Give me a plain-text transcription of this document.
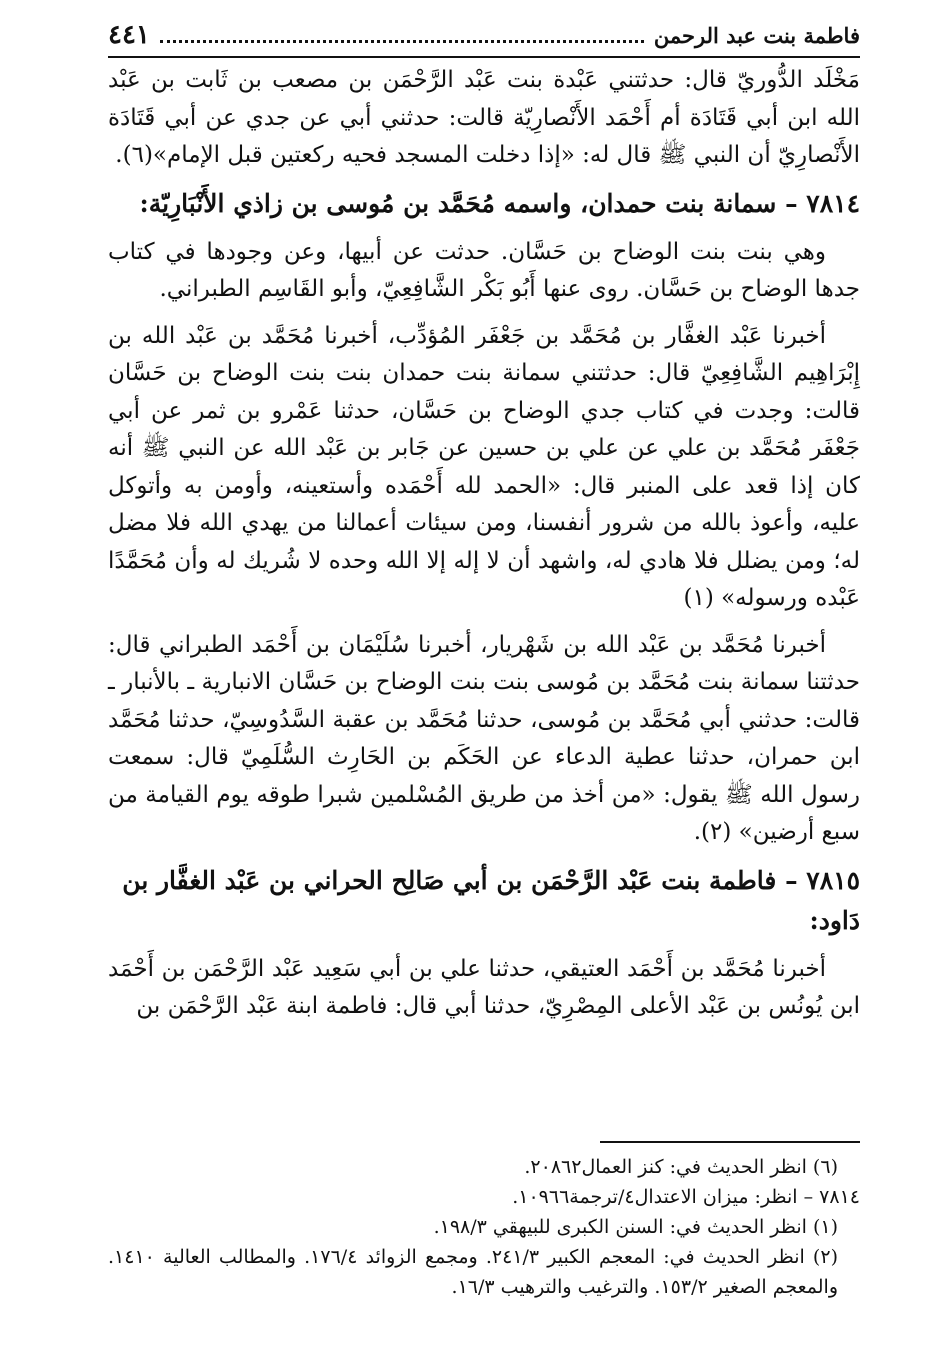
فاطمة بنت عبد الرحمن
٤٤١

مَخْلَد الدُّوريّ قال: حدثتني عَبْدة بنت عَبْد الرَّحْمَن بن مصعب بن ثَابت بن عَبْد الله ابن أبي قَتَادَة أم أَحْمَد الأَنْصارِيّة قالت: حدثني أبي عن جدي عن أبي قَتَادَة الأَنْصارِيّ أن النبي ﷺ قال له: «إذا دخلت المسجد فحيه ركعتين قبل الإمام»(٦).

٧٨١٤ – سمانة بنت حمدان، واسمه مُحَمَّد بن مُوسى بن زاذي الأَنْبَارِيّة:

وهي بنت بنت الوضاح بن حَسَّان. حدثت عن أبيها، وعن وجودها في كتاب جدها الوضاح بن حَسَّان. روى عنها أَبُو بَكْر الشَّافِعِيّ، وأبو القَاسِم الطبراني.

أخبرنا عَبْد الغفَّار بن مُحَمَّد بن جَعْفَر المُؤدِّب، أخبرنا مُحَمَّد بن عَبْد الله بن إِبْرَاهِيم الشَّافِعِيّ قال: حدثتني سمانة بنت حمدان بنت بنت الوضاح بن حَسَّان قالت: وجدت في كتاب جدي الوضاح بن حَسَّان، حدثنا عَمْرو بن ثمر عن أبي جَعْفَر مُحَمَّد بن علي عن علي بن حسين عن جَابر بن عَبْد الله عن النبي ﷺ أنه كان إذا قعد على المنبر قال: «الحمد لله أَحْمَده وأستعينه، وأومن به وأتوكل عليه، وأعوذ بالله من شرور أنفسنا، ومن سيئات أعمالنا من يهدي الله فلا مضل له؛ ومن يضلل فلا هادي له، واشهد أن لا إله إلا الله وحده لا شُريك له وأن مُحَمَّدًا عَبْده ورسوله» (١)

أخبرنا مُحَمَّد بن عَبْد الله بن شَهْريار، أخبرنا سُلَيْمَان بن أَحْمَد الطبراني قال: حدثتنا سمانة بنت مُحَمَّد بن مُوسى بنت بنت الوضاح بن حَسَّان الانبارية ـ بالأنبار ـ قالت: حدثني أبي مُحَمَّد بن مُوسى، حدثنا مُحَمَّد بن عقبة السَّدُوسِيّ، حدثنا مُحَمَّد ابن حمران، حدثنا عطية الدعاء عن الحَكَم بن الحَارِث السُّلَمِيّ قال: سمعت رسول الله ﷺ يقول: «من أخذ من طريق المُسْلمين شبرا طوقه يوم القيامة من سبع أرضين» (٢).

٧٨١٥ – فاطمة بنت عَبْد الرَّحْمَن بن أبي صَالِح الحراني بن عَبْد الغفَّار بن دَاود:

أخبرنا مُحَمَّد بن أَحْمَد العتيقي، حدثنا علي بن أبي سَعِيد عَبْد الرَّحْمَن بن أَحْمَد ابن يُونُس بن عَبْد الأعلى المِصْرِيّ، حدثنا أبي قال: فاطمة ابنة عَبْد الرَّحْمَن بن

(٦) انظر الحديث في: كنز العمال٢٠٨٦٢.

٧٨١٤ – انظر: ميزان الاعتدال٤/ترجمة١٠٩٦٦.

(١) انظر الحديث في: السنن الكبرى للبيهقي ١٩٨/٣.

(٢) انظر الحديث في: المعجم الكبير ٢٤١/٣. ومجمع الزوائد ١٧٦/٤. والمطالب العالية ١٤١٠. والمعجم الصغير ١٥٣/٢. والترغيب والترهيب ١٦/٣.
